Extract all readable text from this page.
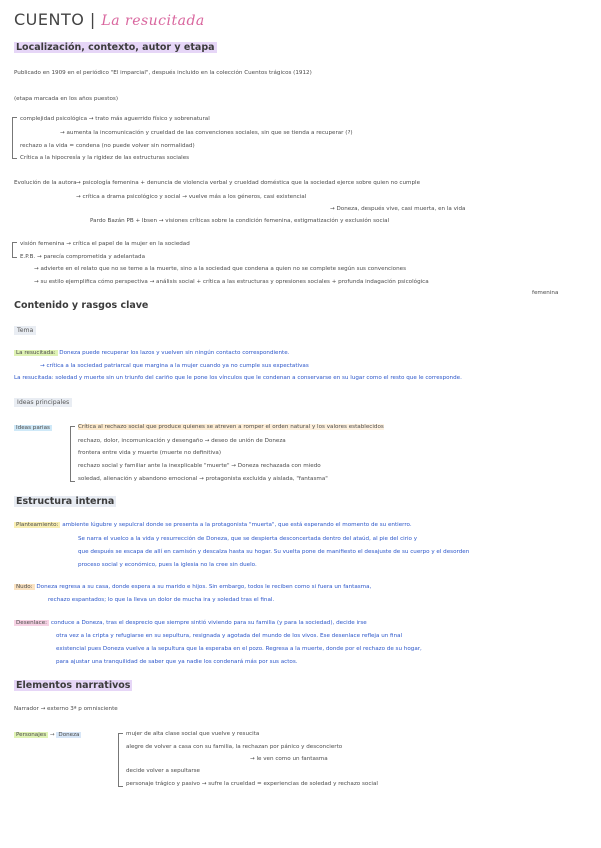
CUENTO | La resucitada
Localización, contexto, autor y etapa
Publicado en 1909 en el periódico "El imparcial", después incluido en la colección Cuentos trágicos (1912)
(etapa marcada en los años puestos)
complejidad psicológica → trato más aguerrido físico y sobrenatural
→ aumenta la incomunicación y crueldad de las convenciones sociales, sin que se tienda a recuperar (?)
rechazo a la vida = condena (no puede volver sin normalidad)
Crítica a la hipocresía y la rigidez de las estructuras sociales
Evolución de la autora → psicología femenina + denuncia de violencia verbal y crueldad doméstica que la sociedad ejerce sobre quien no cumple
→ crítica a drama psicológico y social → vuelve más a los géneros, casi existencial
→ Doneza, después vive, casi muerta, en la vida
Pardo Bazán PB + Ibsen → visiones críticas sobre la condición femenina, estigmatización y exclusión social
visión femenina → crítica el papel de la mujer en la sociedad
E.P.B. → parecía comprometida y adelantada
→ advierte en el relato que no se teme a la muerte, sino a la sociedad que condena a quien no se complete según sus convenciones
→ su estilo ejemplifica cómo perspectiva → análisis social + crítica a las estructuras y opresiones sociales + profunda indagación psicológica
femenina
Contenido y rasgos clave
Tema
La resucitada: Doneza puede recuperar los lazos y vuelven sin ningún contacto correspondiente.
→ crítica a la sociedad patriarcal que margina a la mujer cuando ya no cumple sus expectativas
La resucitada: soledad y muerte sin un triunfo del cariño que le pone los vínculos que le condenan a conservarse en su lugar como el resto que le corresponde.
Ideas principales
Ideas parias	Crítica al rechazo social que produce quienes se atreven a romper el orden natural y los valores establecidos
rechazo, dolor, incomunicación y desengaño → deseo de unión de Doneza
frontera entre vida y muerte (muerte no definitiva)
rechazo social y familiar ante la inexplicable "muerte" → Doneza rechazada con miedo
soledad, alienación y abandono emocional → protagonista excluida y aislada, "fantasma"
Estructura interna
Planteamiento: ambiente lúgubre y sepulcral donde se presenta a la protagonista "muerta", que está esperando el momento de su entierro.
Se narra el vuelco a la vida y resurrección de Doneza, que se despierta desconcertada dentro del ataúd, al pie del cirio y
que después se escapa de allí en camisón y descalza hasta su hogar. Su vuelta pone de manifiesto el desajuste de su cuerpo y el desorden
proceso social y económico, pues la iglesia no la cree sin duelo.
Nudo: Doneza regresa a su casa, donde espera a su marido e hijos. Sin embargo, todos le reciben como si fuera un fantasma,
rechazo espantados; lo que la lleva un dolor de mucha ira y soledad tras el final.
Desenlace: conduce a Doneza, tras el desprecio que siempre sintió viviendo para su familia (y para la sociedad), decide irse
otra vez a la cripta y refugiarse en su sepultura, resignada y agotada del mundo de los vivos. Ese desenlace refleja un final
existencial pues Doneza vuelve a la sepultura que la esperaba en el pozo. Regresa a la muerte, donde por el rechazo de su hogar,
para ajustar una tranquilidad de saber que ya nadie los condenará más por sus actos.
Elementos narrativos
Narrador → externo 3ª p omnisciente
Personajes → Doneza	mujer de alta clase social que vuelve y resucita
alegre de volver a casa con su familia, la rechazan por pánico y desconcierto
→ le ven como un fantasma
decide volver a sepultarse
personaje trágico y pasivo → sufre la crueldad = experiencias de soledad y rechazo social
